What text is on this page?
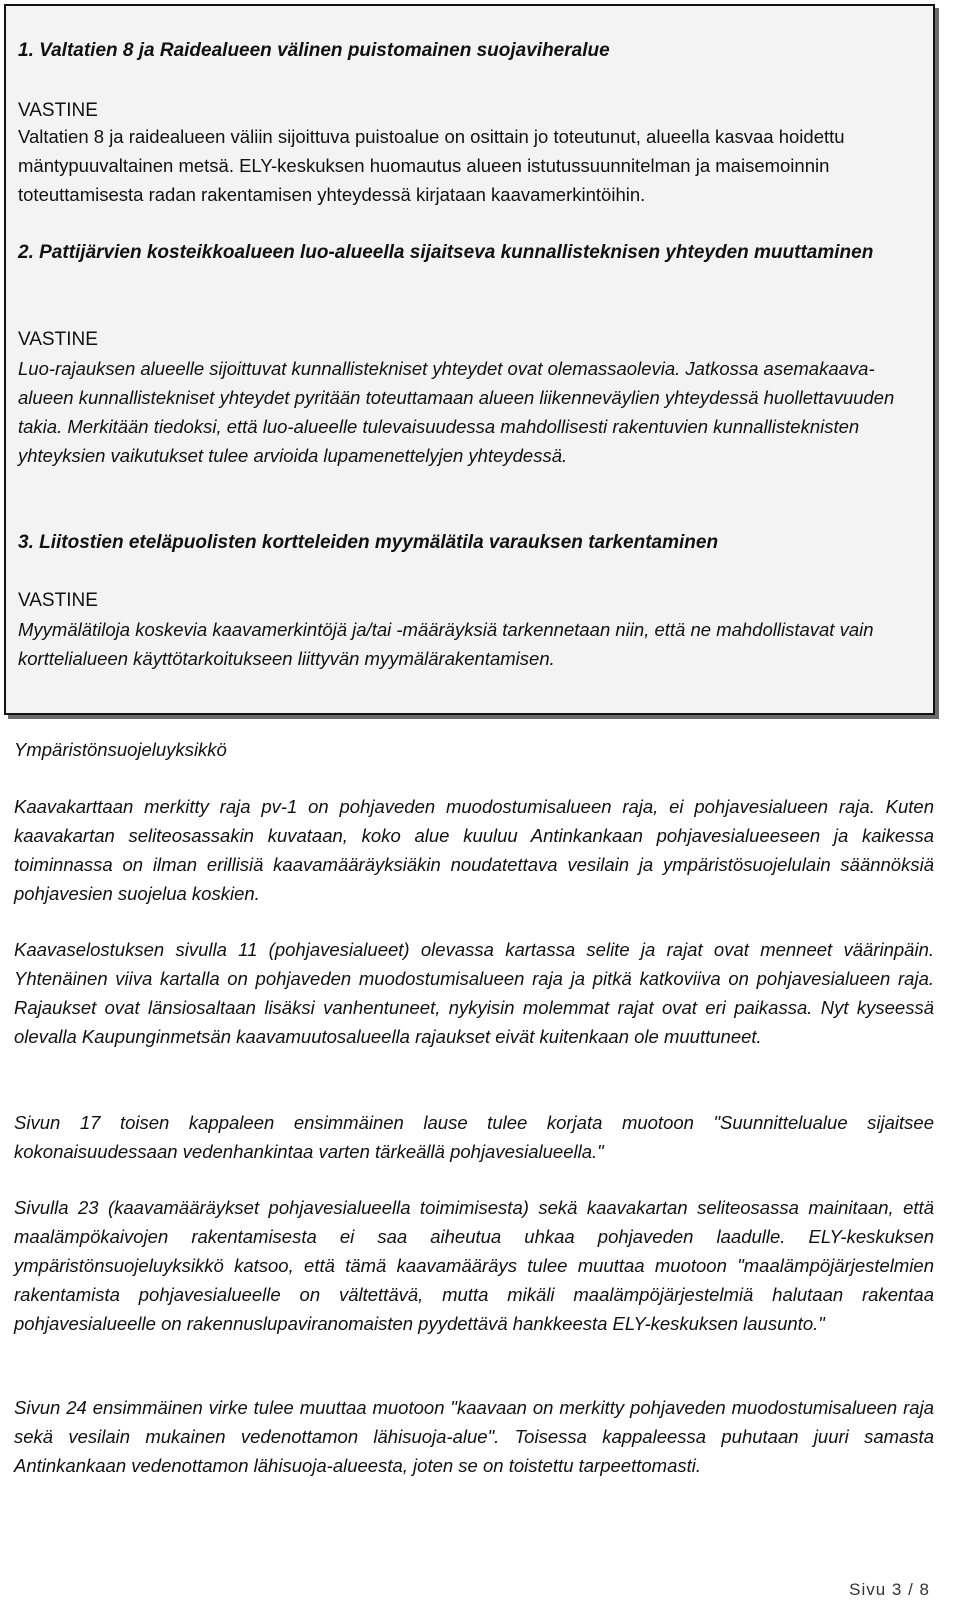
1. Valtatien 8 ja Raidealueen välinen puistomainen suojaviheralue

VASTINE

Valtatien 8 ja raidealueen väliin sijoittuva puistoalue on osittain jo toteutunut, alueella kasvaa hoidettu mäntypuuvaltainen metsä. ELY-keskuksen huomautus alueen istutussuunnitelman ja maisemoinnin toteuttamisesta radan rakentamisen yhteydessä kirjataan kaavamerkintöihin.

2. Pattijärvien kosteikkoalueen luo-alueella sijaitseva kunnallisteknisen yhteyden muuttaminen

VASTINE

Luo-rajauksen alueelle sijoittuvat kunnallistekniset yhteydet ovat olemassaolevia. Jatkossa asemakaava-alueen kunnallistekniset yhteydet pyritään toteuttamaan alueen liikenneväylien yhteydessä huollettavuuden takia. Merkitään tiedoksi, että luo-alueelle tulevaisuudessa mahdollisesti rakentuvien kunnallisteknisten yhteyksien vaikutukset tulee arvioida lupamenettelyjen yhteydessä.

3. Liitostien eteläpuolisten kortteleiden myymälätila varauksen tarkentaminen

VASTINE

Myymälätiloja koskevia kaavamerkintöjä ja/tai -määräyksiä tarkennetaan niin, että ne mahdollistavat vain korttelialueen käyttötarkoitukseen liittyvän myymälärakentamisen.

Ympäristönsuojeluyksikkö

Kaavakarttaan merkitty raja pv-1 on pohjaveden muodostumisalueen raja, ei pohjavesialueen raja. Kuten kaavakartan seliteosassakin kuvataan, koko alue kuuluu Antinkankaan pohjavesialueeseen ja kaikessa toiminnassa on ilman erillisiä kaavamääräyksiäkin noudatettava vesilain ja ympäristösuojelulain säännöksiä pohjavesien suojelua koskien.

Kaavaselostuksen sivulla 11 (pohjavesialueet) olevassa kartassa selite ja rajat ovat menneet väärinpäin. Yhtenäinen viiva kartalla on pohjaveden muodostumisalueen raja ja pitkä katkoviiva on pohjavesialueen raja. Rajaukset ovat länsiosaltaan lisäksi vanhentuneet, nykyisin molemmat rajat ovat eri paikassa. Nyt kyseessä olevalla Kaupunginmetsän kaavamuutosalueella rajaukset eivät kuitenkaan ole muuttuneet.

Sivun 17 toisen kappaleen ensimmäinen lause tulee korjata muotoon "Suunnittelualue sijaitsee kokonaisuudessaan vedenhankintaa varten tärkeällä pohjavesialueella."

Sivulla 23 (kaavamääräykset pohjavesialueella toimimisesta) sekä kaavakartan seliteosassa mainitaan, että maalämpökaivojen rakentamisesta ei saa aiheutua uhkaa pohjaveden laadulle. ELY-keskuksen ympäristönsuojeluyksikkö katsoo, että tämä kaavamääräys tulee muuttaa muotoon "maalämpöjärjestelmien rakentamista pohjavesialueelle on vältettävä, mutta mikäli maalämpöjärjestelmiä halutaan rakentaa pohjavesialueelle on rakennuslupaviranomaisten pyydettävä hankkeesta ELY-keskuksen lausunto."

Sivun 24 ensimmäinen virke tulee muuttaa muotoon "kaavaan on merkitty pohjaveden muodostumisalueen raja sekä vesilain mukainen vedenottamon lähisuoja-alue". Toisessa kappaleessa puhutaan juuri samasta Antinkankaan vedenottamon lähisuoja-alueesta, joten se on toistettu tarpeettomasti.

Sivu 3 / 8
